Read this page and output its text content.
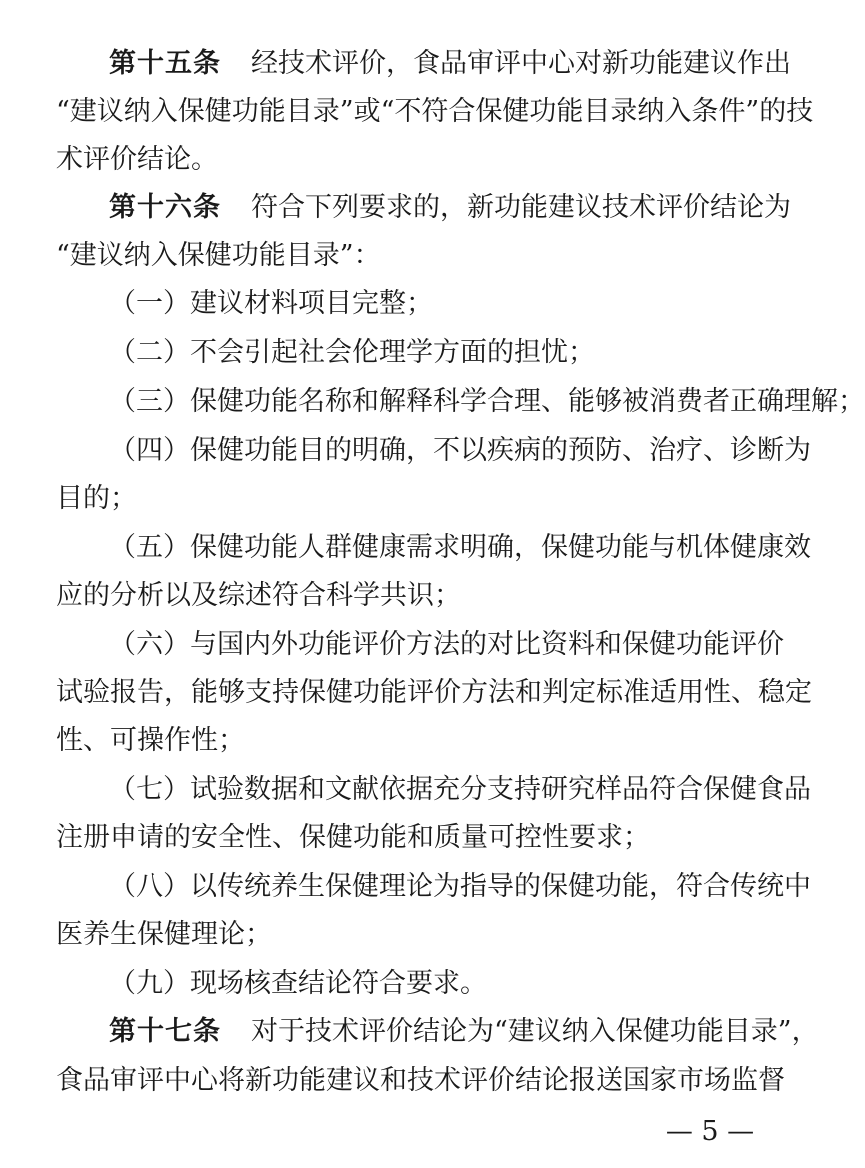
第十五条 经技术评价，食品审评中心对新功能建议作出
“建议纳入保健功能目录”或“不符合保健功能目录纳入条件”的技
术评价结论。
第十六条 符合下列要求的，新功能建议技术评价结论为
“建议纳入保健功能目录”：
（一）建议材料项目完整；
（二）不会引起社会伦理学方面的担忧；
（三）保健功能名称和解释科学合理、能够被消费者正确理解；
（四）保健功能目的明确，不以疾病的预防、治疗、诊断为
目的；
（五）保健功能人群健康需求明确，保健功能与机体健康效
应的分析以及综述符合科学共识；
（六）与国内外功能评价方法的对比资料和保健功能评价
试验报告，能够支持保健功能评价方法和判定标准适用性、稳定
性、可操作性；
（七）试验数据和文献依据充分支持研究样品符合保健食品
注册申请的安全性、保健功能和质量可控性要求；
（八）以传统养生保健理论为指导的保健功能，符合传统中
医养生保健理论；
（九）现场核查结论符合要求。
第十七条 对于技术评价结论为“建议纳入保健功能目录”，
食品审评中心将新功能建议和技术评价结论报送国家市场监督
— 5 —
